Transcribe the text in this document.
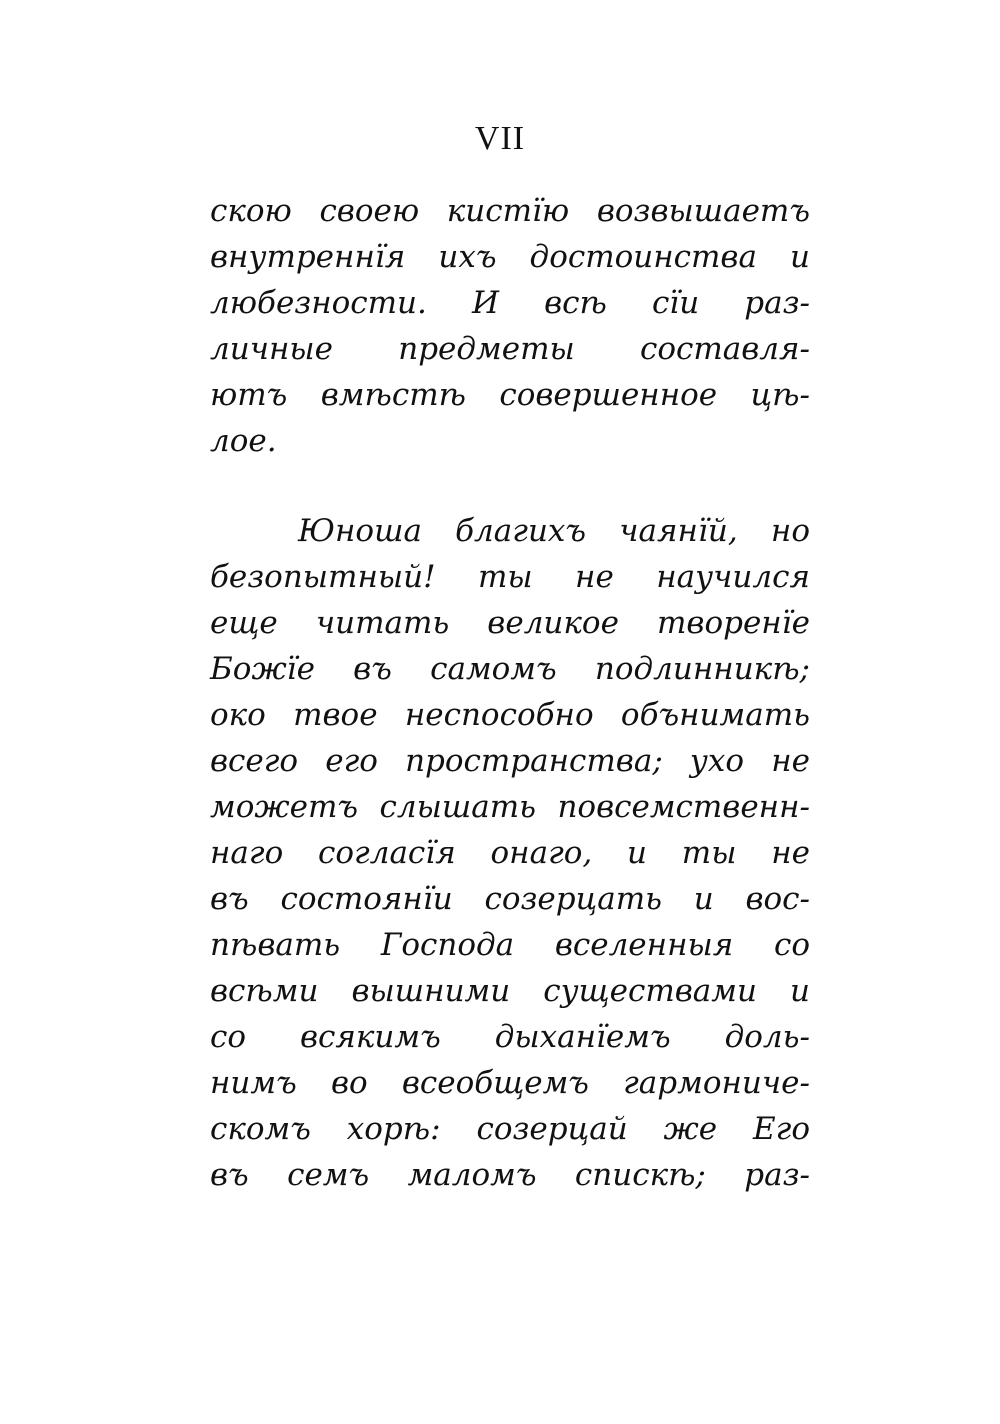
VII
скою своею кистїю возвышаетъ
внутреннїя ихъ достоинства и
любезности. И всѣ сїи раз-
личные предметы составля-
ютъ вмѣстѣ совершенное цѣ-
лое.
Юноша благихъ чаянїй, но
безопытный! ты не научился
еще читать великое творенїе
Божїе въ самомъ подлинникѣ;
око твое неспособно обънимать
всего его пространства; ухо не
можетъ слышать повсемственн-
наго согласїя онаго, и ты не
въ состоянїи созерцать и вос-
пѣвать Господа вселенныя со
всѣми вышними существами и
со всякимъ дыханїемъ доль-
нимъ во всеобщемъ гармониче-
скомъ хорѣ: созерцай же Его
въ семъ маломъ спискѣ; раз-
